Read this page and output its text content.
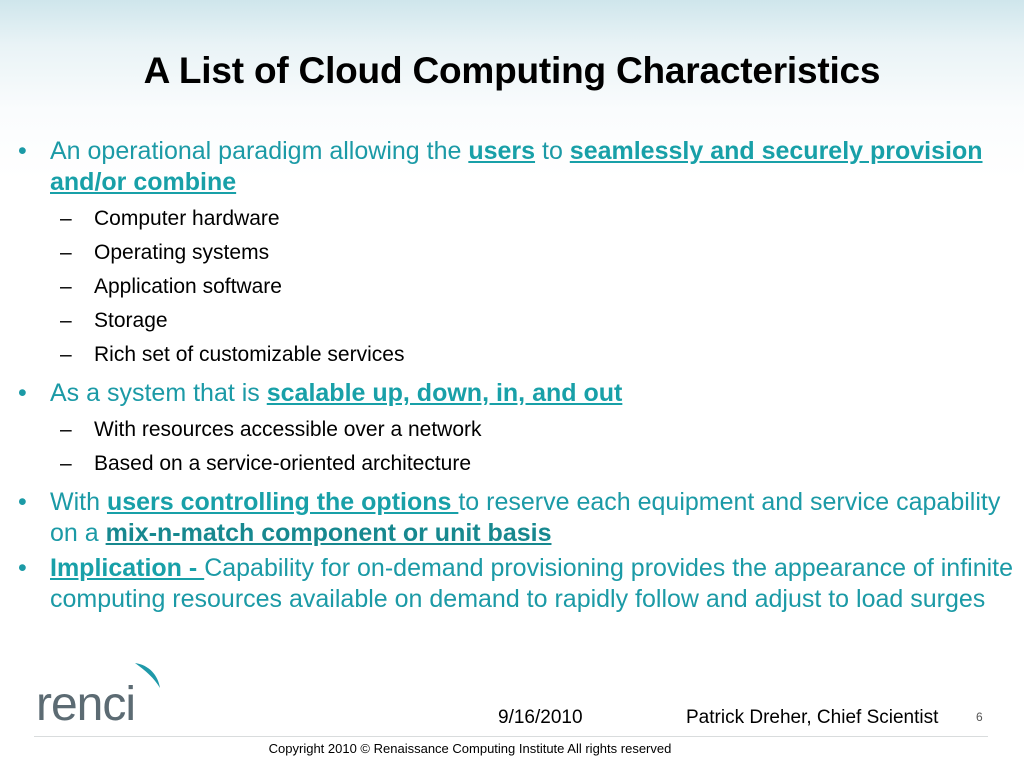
A List of Cloud Computing Characteristics
• An operational paradigm allowing the users to seamlessly and securely provision and/or combine
– Computer hardware
– Operating systems
– Application software
– Storage
– Rich set of customizable services
• As a system that is scalable up, down, in, and out
– With resources accessible over a network
– Based on a service-oriented architecture
• With users controlling the options to reserve each equipment and service capability on a mix-n-match component or unit basis
• Implication - Capability for on-demand provisioning provides the appearance of infinite computing resources available on demand to rapidly follow and adjust to load surges
renci	9/16/2010	Patrick Dreher, Chief Scientist	6
Copyright 2010 © Renaissance Computing Institute All rights reserved
